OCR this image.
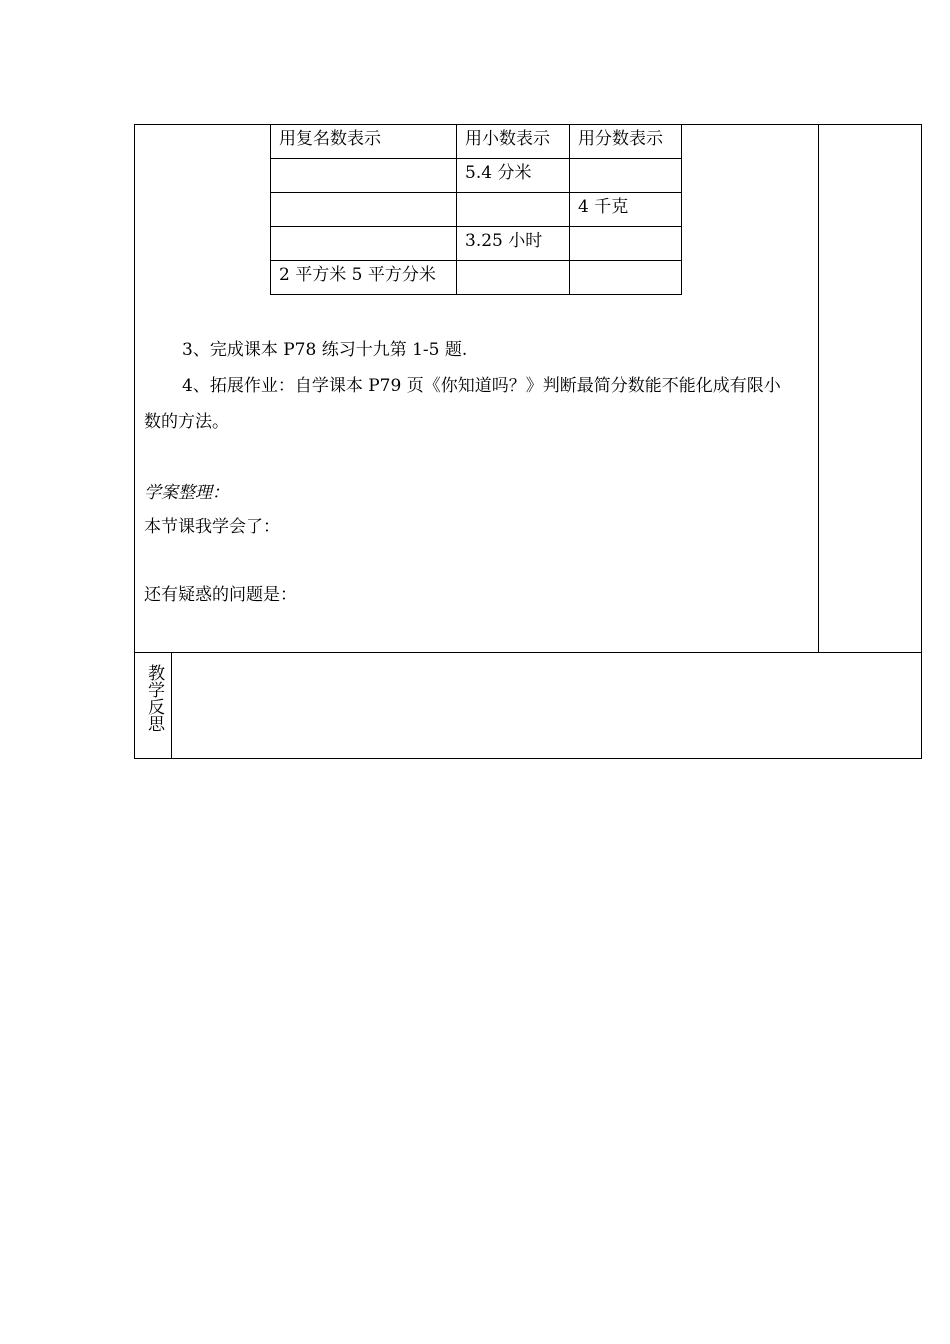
用复名数表示	用小数表示	用分数表示
	5.4 分米	
		4 千克
	3.25 小时	
2 平方米 5 平方分米		
3、完成课本 P78 练习十九第 1-5 题.
4、拓展作业：自学课本 P79 页《你知道吗？》判断最简分数能不能化成有限小
数的方法。
学案整理：
本节课我学会了：
还有疑惑的问题是：
教学反思
